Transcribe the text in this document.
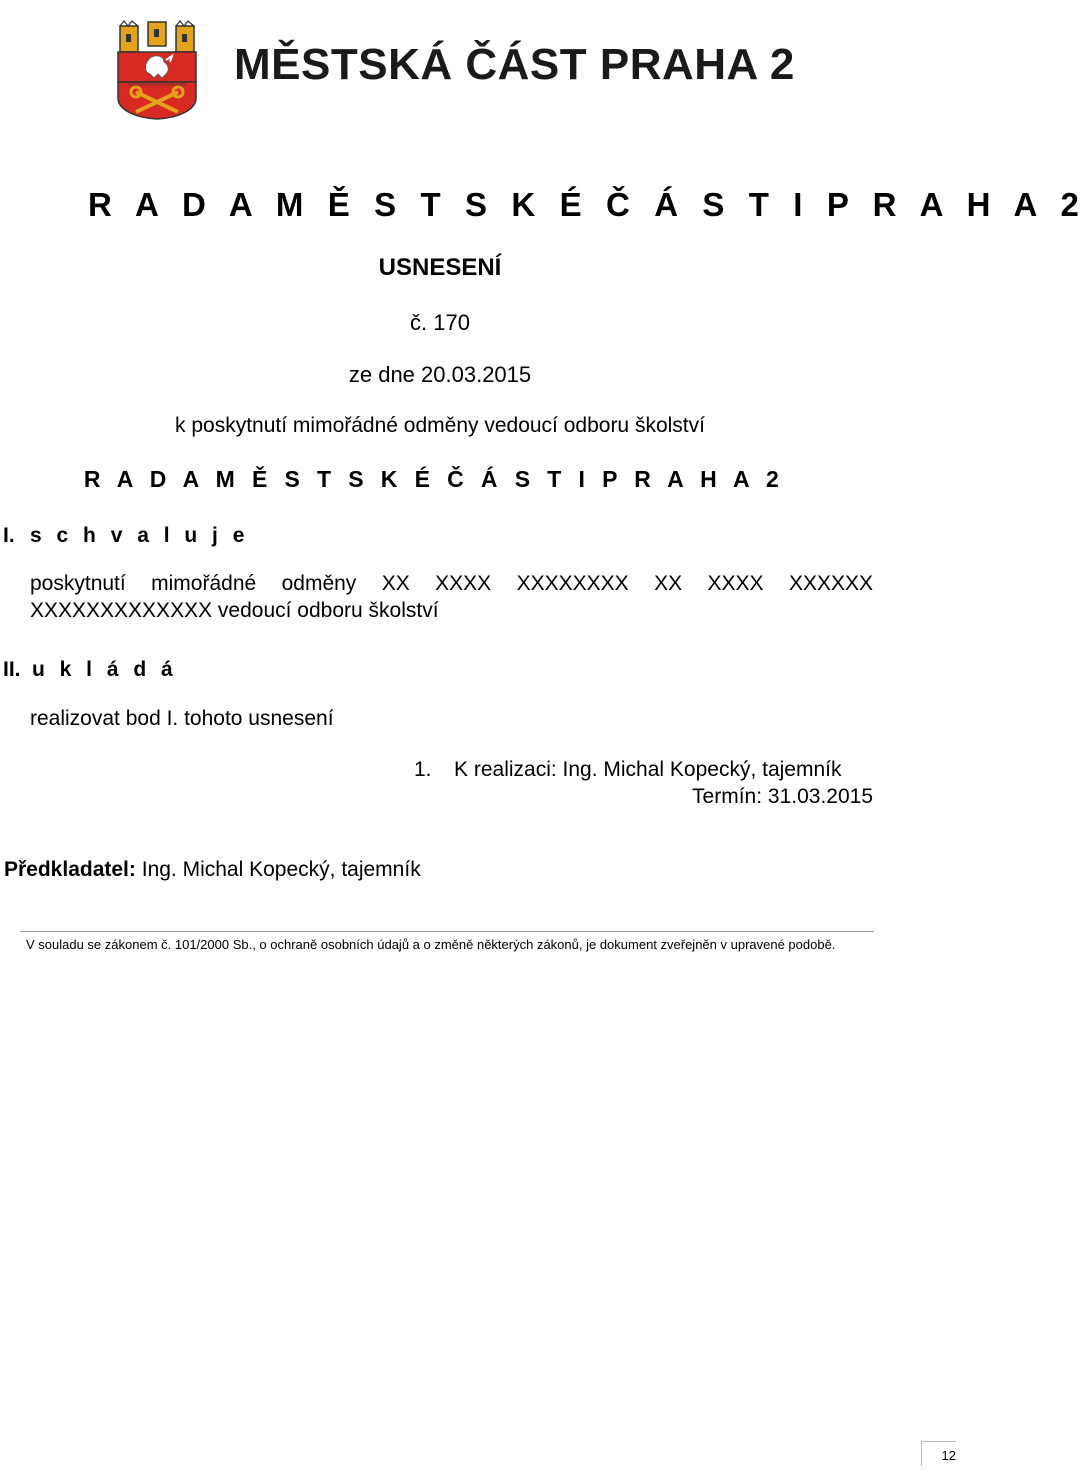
MĚSTSKÁ ČÁST PRAHA 2
R A D A M Ě S T S K É Č Á S T I P R A H A 2
USNESENÍ
č. 170
ze dne 20.03.2015
k poskytnutí mimořádné odměny vedoucí odboru školství
R A D A M Ě S T S K É Č Á S T I P R A H A 2
I. s c h v a l u j e
poskytnutí mimořádné odměny XX XXXX XXXXXXXX XX XXXX XXXXXX
XXXXXXXXXXXXX vedoucí odboru školství
II. u k l á d á
realizovat bod I. tohoto usnesení
1. K realizaci: Ing. Michal Kopecký, tajemník
Termín: 31.03.2015
Předkladatel: Ing. Michal Kopecký, tajemník
V souladu se zákonem č. 101/2000 Sb., o ochraně osobních údajů a o změně některých zákonů, je dokument zveřejněn v upravené podobě.
12
